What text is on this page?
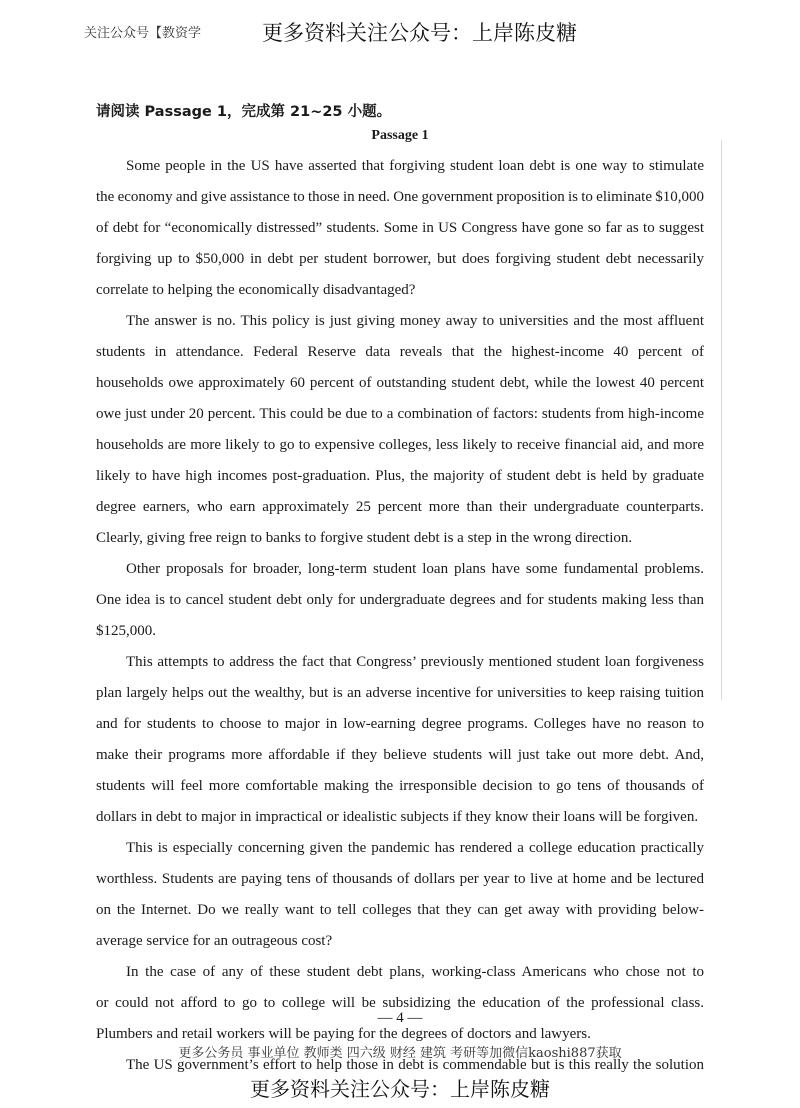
关注公众号【教资学	更多资料关注公众号：上岸陈皮糖
请阅读 Passage 1，完成第 21~25 小题。
Passage 1
Some people in the US have asserted that forgiving student loan debt is one way to stimulate
the economy and give assistance to those in need. One government proposition is to eliminate $10,000
of debt for “economically distressed” students. Some in US Congress have gone so far as to suggest
forgiving up to $50,000 in debt per student borrower, but does forgiving student debt necessarily
correlate to helping the economically disadvantaged?
The answer is no. This policy is just giving money away to universities and the most affluent
students in attendance. Federal Reserve data reveals that the highest-income 40 percent of
households owe approximately 60 percent of outstanding student debt, while the lowest 40 percent
owe just under 20 percent. This could be due to a combination of factors: students from high-income
households are more likely to go to expensive colleges, less likely to receive financial aid, and more
likely to have high incomes post-graduation. Plus, the majority of student debt is held by graduate
degree earners, who earn approximately 25 percent more than their undergraduate counterparts.
Clearly, giving free reign to banks to forgive student debt is a step in the wrong direction.
Other proposals for broader, long-term student loan plans have some fundamental problems.
One idea is to cancel student debt only for undergraduate degrees and for students making less than
$125,000.
This attempts to address the fact that Congress’ previously mentioned student loan forgiveness
plan largely helps out the wealthy, but is an adverse incentive for universities to keep raising tuition
and for students to choose to major in low-earning degree programs. Colleges have no reason to
make their programs more affordable if they believe students will just take out more debt. And,
students will feel more comfortable making the irresponsible decision to go tens of thousands of
dollars in debt to major in impractical or idealistic subjects if they know their loans will be forgiven.
This is especially concerning given the pandemic has rendered a college education practically
worthless. Students are paying tens of thousands of dollars per year to live at home and be lectured
on the Internet. Do we really want to tell colleges that they can get away with providing below-
average service for an outrageous cost?
In the case of any of these student debt plans, working-class Americans who chose not to
or could not afford to go to college will be subsidizing the education of the professional class.
Plumbers and retail workers will be paying for the degrees of doctors and lawyers.
The US government’s effort to help those in debt is commendable but is this really the solution
— 4 —
更多公务员 事业单位 教师类 四六级 财经 建筑 考研等加微信kaoshi887获取
更多资料关注公众号：上岸陈皮糖
